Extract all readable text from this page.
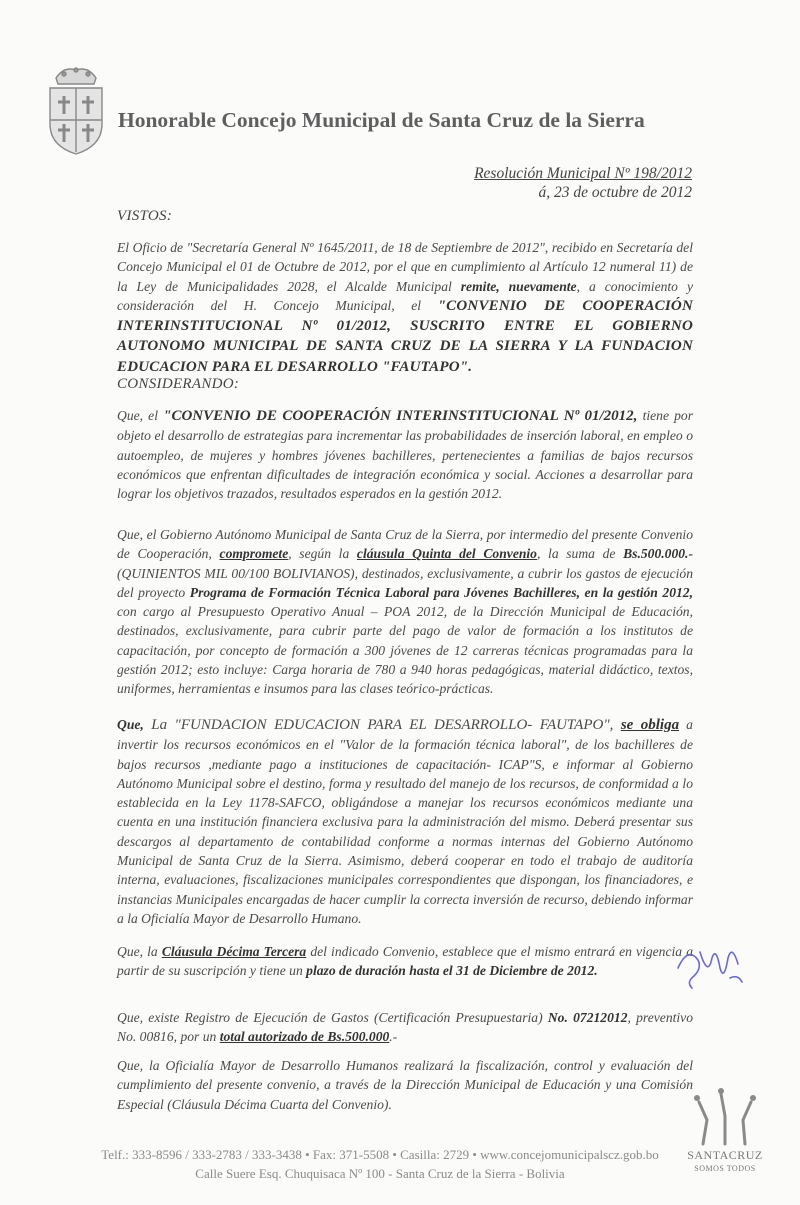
Honorable Concejo Municipal de Santa Cruz de la Sierra
Resolución Municipal Nº 198/2012
á, 23 de octubre de 2012
VISTOS:
El Oficio de "Secretaría General Nº 1645/2011, de 18 de Septiembre de 2012", recibido en Secretaría del Concejo Municipal el 01 de Octubre de 2012, por el que en cumplimiento al Artículo 12 numeral 11) de la Ley de Municipalidades 2028, el Alcalde Municipal remite, nuevamente, a conocimiento y consideración del H. Concejo Municipal, el "CONVENIO DE COOPERACIÓN INTERINSTITUCIONAL Nº 01/2012, SUSCRITO ENTRE EL GOBIERNO AUTONOMO MUNICIPAL DE SANTA CRUZ DE LA SIERRA Y LA FUNDACION EDUCACION PARA EL DESARROLLO "FAUTAPO".
CONSIDERANDO:
Que, el "CONVENIO DE COOPERACIÓN INTERINSTITUCIONAL Nº 01/2012, tiene por objeto el desarrollo de estrategias para incrementar las probabilidades de inserción laboral, en empleo o autoempleo, de mujeres y hombres jóvenes bachilleres, pertenecientes a familias de bajos recursos económicos que enfrentan dificultades de integración económica y social. Acciones a desarrollar para lograr los objetivos trazados, resultados esperados en la gestión 2012.
Que, el Gobierno Autónomo Municipal de Santa Cruz de la Sierra, por intermedio del presente Convenio de Cooperación, compromete, según la cláusula Quinta del Convenio, la suma de Bs.500.000.- (QUINIENTOS MIL 00/100 BOLIVIANOS), destinados, exclusivamente, a cubrir los gastos de ejecución del proyecto Programa de Formación Técnica Laboral para Jóvenes Bachilleres, en la gestión 2012, con cargo al Presupuesto Operativo Anual – POA 2012, de la Dirección Municipal de Educación, destinados, exclusivamente, para cubrir parte del pago de valor de formación a los institutos de capacitación, por concepto de formación a 300 jóvenes de 12 carreras técnicas programadas para la gestión 2012; esto incluye: Carga horaria de 780 a 940 horas pedagógicas, material didáctico, textos, uniformes, herramientas e insumos para las clases teórico-prácticas.
Que, La "FUNDACION EDUCACION PARA EL DESARROLLO- FAUTAPO", se obliga a invertir los recursos económicos en el "Valor de la formación técnica laboral", de los bachilleres de bajos recursos ,mediante pago a instituciones de capacitación- ICAP"S, e informar al Gobierno Autónomo Municipal sobre el destino, forma y resultado del manejo de los recursos, de conformidad a lo establecida en la Ley 1178-SAFCO, obligándose a manejar los recursos económicos mediante una cuenta en una institución financiera exclusiva para la administración del mismo. Deberá presentar sus descargos al departamento de contabilidad conforme a normas internas del Gobierno Autónomo Municipal de Santa Cruz de la Sierra. Asimismo, deberá cooperar en todo el trabajo de auditoría interna, evaluaciones, fiscalizaciones municipales correspondientes que dispongan, los financiadores, e instancias Municipales encargadas de hacer cumplir la correcta inversión de recurso, debiendo informar a la Oficialía Mayor de Desarrollo Humano.
Que, la Cláusula Décima Tercera del indicado Convenio, establece que el mismo entrará en vigencia a partir de su suscripción y tiene un plazo de duración hasta el 31 de Diciembre de 2012.
Que, existe Registro de Ejecución de Gastos (Certificación Presupuestaria) No. 07212012, preventivo No. 00816, por un total autorizado de Bs.500.000.-
Que, la Oficialía Mayor de Desarrollo Humanos realizará la fiscalización, control y evaluación del cumplimiento del presente convenio, a través de la Dirección Municipal de Educación y una Comisión Especial (Cláusula Décima Cuarta del Convenio).
Telf.: 333-8596 / 333-2783 / 333-3438 • Fax: 371-5508 • Casilla: 2729 • www.concejomunicipalscz.gob.bo
Calle Suere Esq. Chuquisaca Nº 100 - Santa Cruz de la Sierra - Bolivia
SANTACRUZ
SOMOS TODOS
